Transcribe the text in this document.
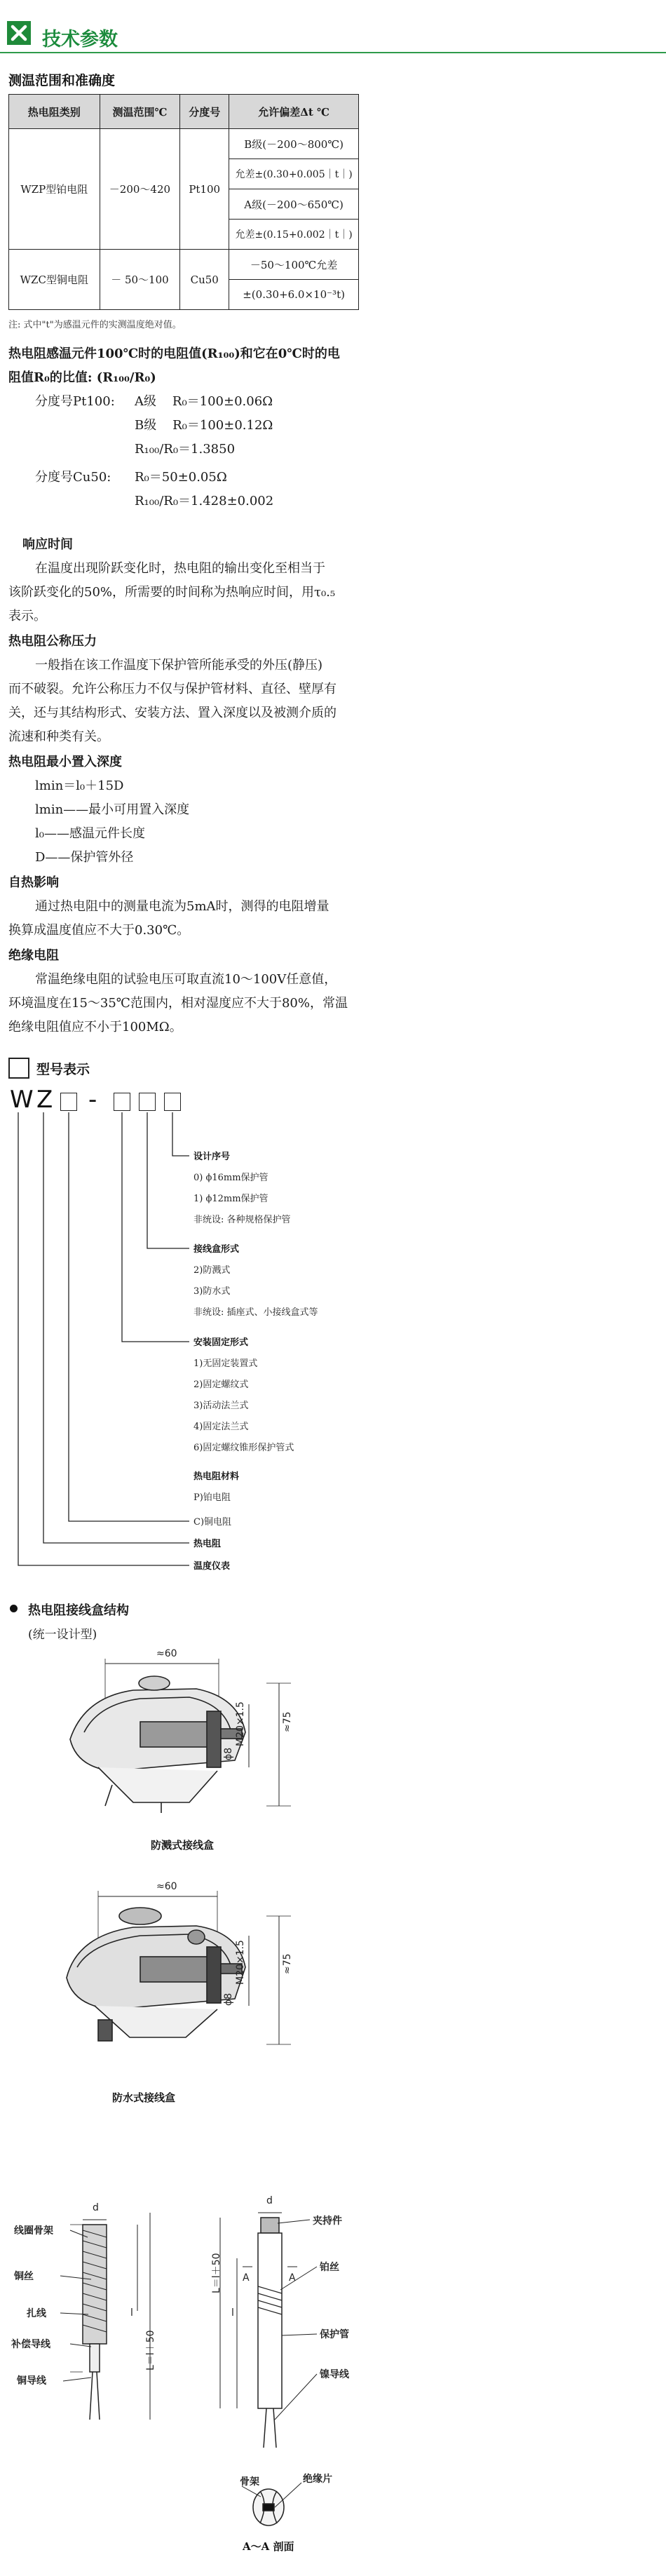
技术参数
测温范围和准确度
热电阻类别	测温范围℃	分度号	允许偏差Δt ℃
WZP型铂电阻	－200～420	Pt100	B级(－200～800℃)
			允差±(0.30+0.005｜t｜)
			A级(－200～650℃)
			允差±(0.15+0.002｜t｜)
WZC型铜电阻	－ 50～100	Cu50	－50～100℃允差
			±(0.30+6.0×10⁻³t)
注: 式中"t"为感温元件的实测温度绝对值。
热电阻感温元件100℃时的电阻值(R₁₀₀)和它在0℃时的电
阻值R₀的比值: (R₁₀₀/R₀)
分度号Pt100: A级    R₀＝100±0.06Ω
B级    R₀＝100±0.12Ω
R₁₀₀/R₀＝1.3850
分度号Cu50: R₀＝50±0.05Ω
R₁₀₀/R₀＝1.428±0.002
响应时间
在温度出现阶跃变化时，热电阻的输出变化至相当于
该阶跃变化的50%，所需要的时间称为热响应时间，用τ₀.₅
表示。
热电阻公称压力
一般指在该工作温度下保护管所能承受的外压(静压)
而不破裂。允许公称压力不仅与保护管材料、直径、壁厚有
关，还与其结构形式、安装方法、置入深度以及被测介质的
流速和种类有关。
热电阻最小置入深度
lmin＝l₀＋15D
lmin——最小可用置入深度
l₀——感温元件长度
D——保护管外径
自热影响
通过热电阻中的测量电流为5mA时，测得的电阻增量
换算成温度值应不大于0.30℃。
绝缘电阻
常温绝缘电阻的试验电压可取直流10～100V任意值，
环境温度在15～35℃范围内，相对湿度应不大于80%，常温
绝缘电阻值应不小于100MΩ。
型号表示
W Z -
设计序号
0) ϕ16mm保护管
1) ϕ12mm保护管
非统设: 各种规格保护管
接线盒形式
2)防溅式
3)防水式
非统设: 插座式、小接线盒式等
安装固定形式
1)无固定装置式
2)固定螺纹式
3)活动法兰式
4)固定法兰式
6)固定螺纹锥形保护管式
热电阻材料
P)铂电阻
C)铜电阻
热电阻
温度仪表
热电阻接线盒结构
(统一设计型)
≈60
M20×1.5	≈75
ϕ8
防溅式接线盒
≈60
M20×1.5	≈75
ϕ8
防水式接线盒
线圈骨架
铜丝
扎线
补偿导线
铜导线
夹持件
铂丝
保护管
镍导线
骨架	绝缘片
d
d
l	l
L＝l＋50
L＝l＋50 A	A
A～A 剖面
